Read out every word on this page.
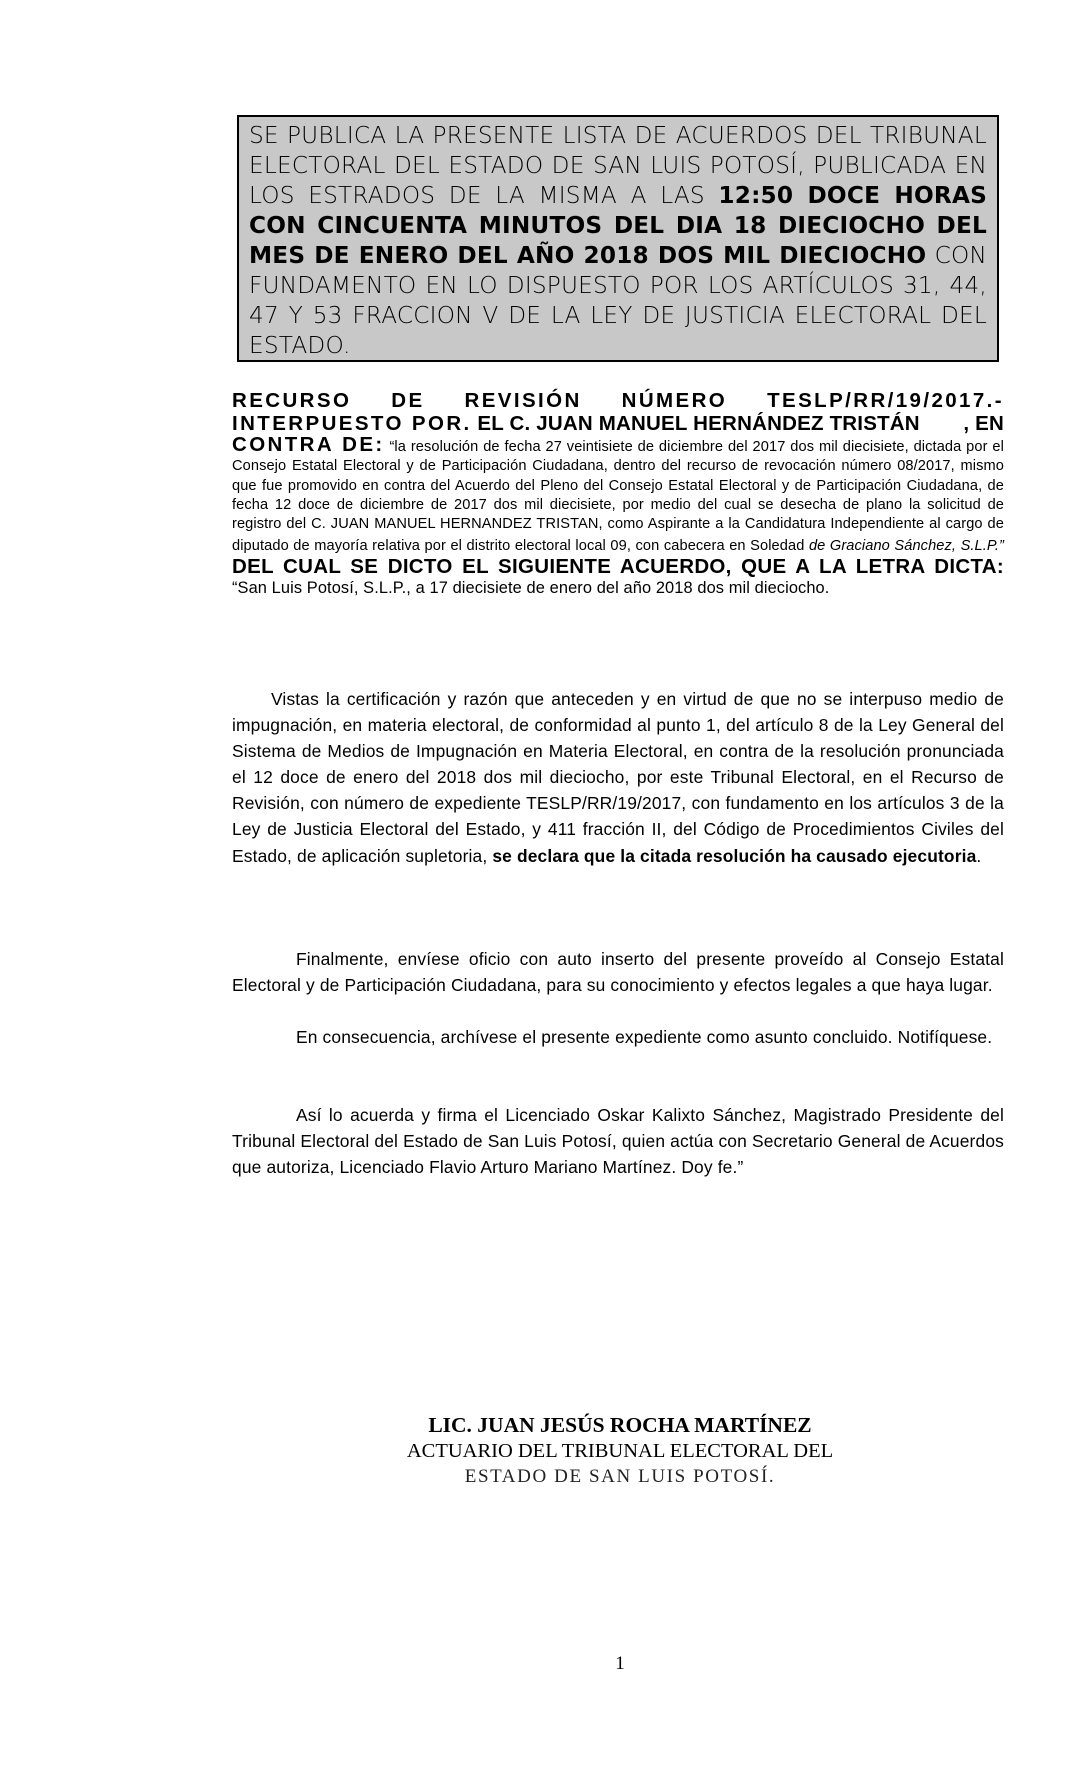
SE PUBLICA LA PRESENTE LISTA DE ACUERDOS DEL TRIBUNAL ELECTORAL DEL ESTADO DE SAN LUIS POTOSÍ, PUBLICADA EN LOS ESTRADOS DE LA MISMA A LAS 12:50 DOCE HORAS CON CINCUENTA MINUTOS DEL DIA 18 DIECIOCHO DEL MES DE ENERO DEL AÑO 2018 DOS MIL DIECIOCHO CON FUNDAMENTO EN LO DISPUESTO POR LOS ARTÍCULOS 31, 44, 47 Y 53 FRACCION V DE LA LEY DE JUSTICIA ELECTORAL DEL ESTADO.
RECURSO DE REVISIÓN NÚMERO TESLP/RR/19/2017.-
INTERPUESTO POR. EL C. JUAN MANUEL HERNÁNDEZ TRISTÁN , EN
CONTRA DE: “la resolución de fecha 27 veintisiete de diciembre del 2017 dos mil diecisiete, dictada por el Consejo Estatal Electoral y de Participación Ciudadana, dentro del recurso de revocación número 08/2017, mismo que fue promovido en contra del Acuerdo del Pleno del Consejo Estatal Electoral y de Participación Ciudadana, de fecha 12 doce de diciembre de 2017 dos mil diecisiete, por medio del cual se desecha de plano la solicitud de registro del C. JUAN MANUEL HERNANDEZ TRISTAN, como Aspirante a la Candidatura Independiente al cargo de diputado de mayoría relativa por el distrito electoral local 09, con cabecera en Soledad de Graciano Sánchez, S.L.P.” DEL CUAL SE DICTO EL SIGUIENTE ACUERDO, QUE A LA LETRA DICTA: “San Luis Potosí, S.L.P., a 17 diecisiete de enero del año 2018 dos mil dieciocho.

Vistas la certificación y razón que anteceden y en virtud de que no se interpuso medio de impugnación, en materia electoral, de conformidad al punto 1, del artículo 8 de la Ley General del Sistema de Medios de Impugnación en Materia Electoral, en contra de la resolución pronunciada el 12 doce de enero del 2018 dos mil dieciocho, por este Tribunal Electoral, en el Recurso de Revisión, con número de expediente TESLP/RR/19/2017, con fundamento en los artículos 3 de la Ley de Justicia Electoral del Estado, y 411 fracción II, del Código de Procedimientos Civiles del Estado, de aplicación supletoria, se declara que la citada resolución ha causado ejecutoria.

Finalmente, envíese oficio con auto inserto del presente proveído al Consejo Estatal Electoral y de Participación Ciudadana, para su conocimiento y efectos legales a que haya lugar.

En consecuencia, archívese el presente expediente como asunto concluido. Notifíquese.

Así lo acuerda y firma el Licenciado Oskar Kalixto Sánchez, Magistrado Presidente del Tribunal Electoral del Estado de San Luis Potosí, quien actúa con Secretario General de Acuerdos que autoriza, Licenciado Flavio Arturo Mariano Martínez. Doy fe.”

LIC. JUAN JESÚS ROCHA MARTÍNEZ
ACTUARIO DEL TRIBUNAL ELECTORAL DEL
ESTADO DE SAN LUIS POTOSÍ.
1
